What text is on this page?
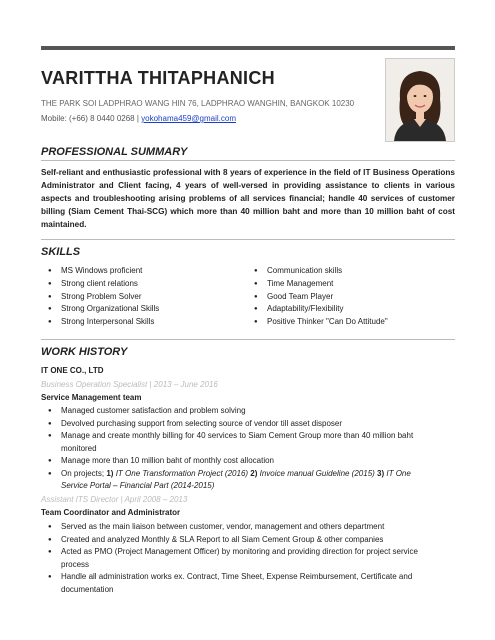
VARITTHA THITAPHANICH
THE PARK SOI LADPHRAO WANG HIN 76, LADPHRAO WANGHIN, BANGKOK 10230
Mobile: (+66) 8 0440 0268 | yokohama459@gmail.com
PROFESSIONAL SUMMARY
Self-reliant and enthusiastic professional with 8 years of experience in the field of IT Business Operations Administrator and Client facing, 4 years of well-versed in providing assistance to clients in various aspects and troubleshooting arising problems of all services financial; handle 40 services of customer billing (Siam Cement Thai-SCG) which more than 40 million baht and more than 10 million baht of cost maintained.
SKILLS
● MS Windows proficient
● Strong client relations
● Strong Problem Solver
● Strong Organizational Skills
● Strong Interpersonal Skills
● Communication skills
● Time Management
● Good Team Player
● Adaptability/Flexibility
● Positive Thinker "Can Do Attitude"
WORK HISTORY
IT ONE CO., LTD
Business Operation Specialist | 2013 – June 2016
Service Management team
● Managed customer satisfaction and problem solving
● Devolved purchasing support from selecting source of vendor till asset disposer
● Manage and create monthly billing for 40 services to Siam Cement Group more than 40 million baht monitored
● Manage more than 10 million baht of monthly cost allocation
● On projects; 1) IT One Transformation Project (2016) 2) Invoice manual Guideline (2015) 3) IT One Service Portal – Financial Part (2014-2015)
Assistant ITS Director | April 2008 – 2013
Team Coordinator and Administrator
● Served as the main liaison between customer, vendor, management and others department
● Created and analyzed Monthly & SLA Report to all Siam Cement Group & other companies
● Acted as PMO (Project Management Officer) by monitoring and providing direction for project service process
● Handle all administration works ex. Contract, Time Sheet, Expense Reimbursement, Certificate and documentation
